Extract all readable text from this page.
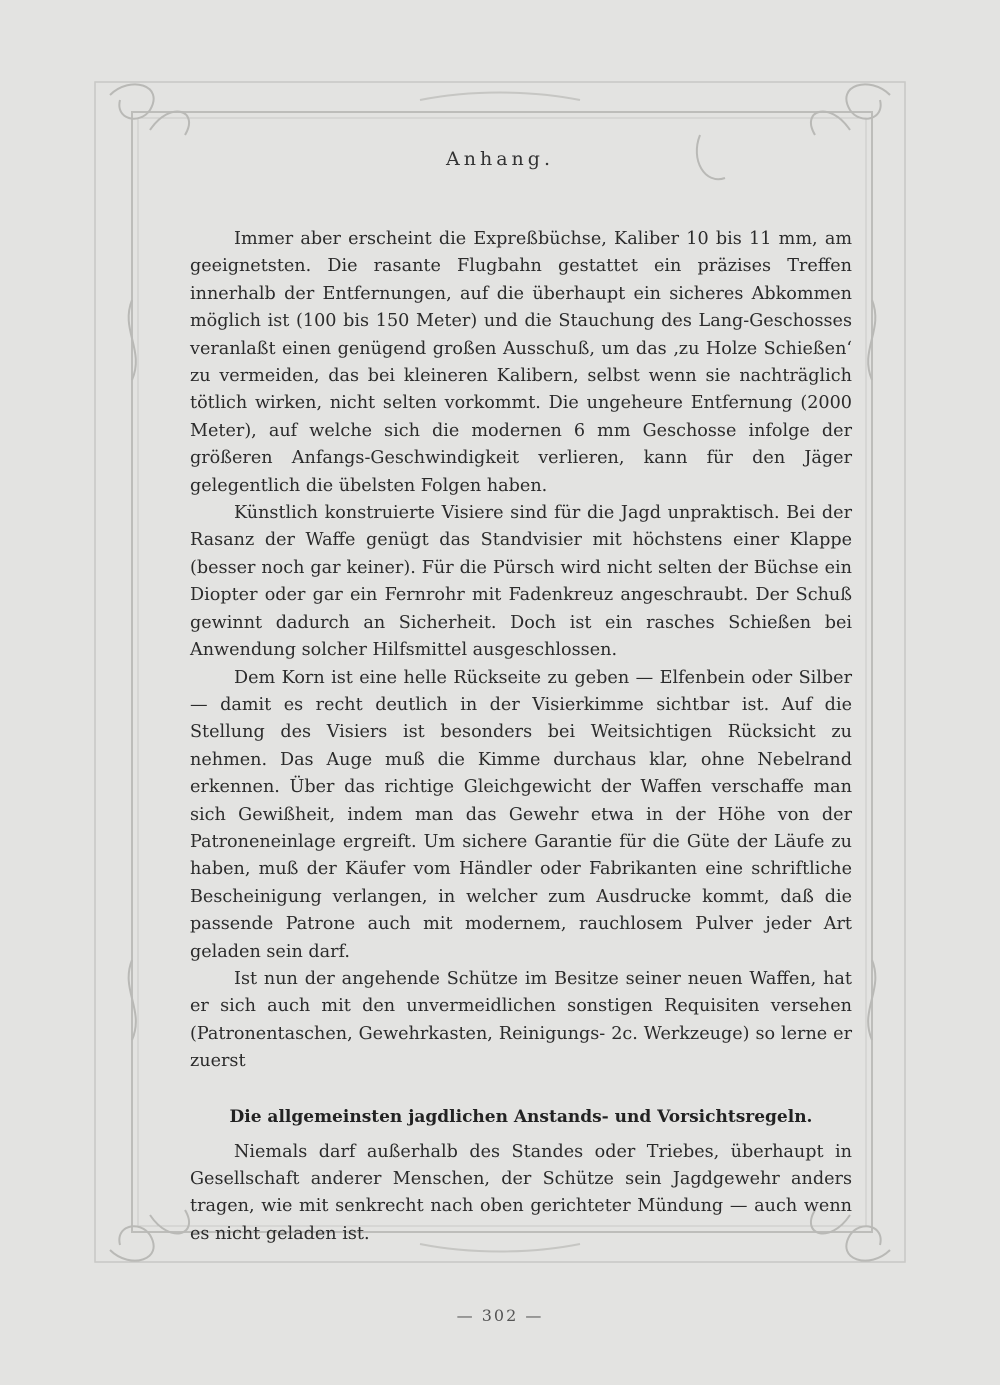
Anhang.

Immer aber erscheint die Expreßbüchse, Kaliber 10 bis 11 mm, am geeignetsten. Die rasante Flugbahn gestattet ein präzises Treffen innerhalb der Entfernungen, auf die überhaupt ein sicheres Abkommen möglich ist (100 bis 150 Meter) und die Stauchung des Lang-Geschosses veranlaßt einen genügend großen Ausschuß, um das ‚zu Holze Schießen‘ zu vermeiden, das bei kleineren Kalibern, selbst wenn sie nachträglich tötlich wirken, nicht selten vorkommt. Die ungeheure Entfernung (2000 Meter), auf welche sich die modernen 6 mm Geschosse infolge der größeren Anfangs-Geschwindigkeit verlieren, kann für den Jäger gelegentlich die übelsten Folgen haben.

Künstlich konstruierte Visiere sind für die Jagd unpraktisch. Bei der Rasanz der Waffe genügt das Standvisier mit höchstens einer Klappe (besser noch gar keiner). Für die Pürsch wird nicht selten der Büchse ein Diopter oder gar ein Fernrohr mit Fadenkreuz angeschraubt. Der Schuß gewinnt dadurch an Sicherheit. Doch ist ein rasches Schießen bei Anwendung solcher Hilfsmittel ausgeschlossen.

Dem Korn ist eine helle Rückseite zu geben — Elfenbein oder Silber — damit es recht deutlich in der Visierkimme sichtbar ist. Auf die Stellung des Visiers ist besonders bei Weitsichtigen Rücksicht zu nehmen. Das Auge muß die Kimme durchaus klar, ohne Nebelrand erkennen. Über das richtige Gleichgewicht der Waffen verschaffe man sich Gewißheit, indem man das Gewehr etwa in der Höhe von der Patroneneinlage ergreift. Um sichere Garantie für die Güte der Läufe zu haben, muß der Käufer vom Händler oder Fabrikanten eine schriftliche Bescheinigung verlangen, in welcher zum Ausdrucke kommt, daß die passende Patrone auch mit modernem, rauchlosem Pulver jeder Art geladen sein darf.

Ist nun der angehende Schütze im Besitze seiner neuen Waffen, hat er sich auch mit den unvermeidlichen sonstigen Requisiten versehen (Patronentaschen, Gewehrkasten, Reinigungs- 2c. Werkzeuge) so lerne er zuerst

Die allgemeinsten jagdlichen Anstands- und Vorsichtsregeln.

Niemals darf außerhalb des Standes oder Triebes, überhaupt in Gesellschaft anderer Menschen, der Schütze sein Jagdgewehr anders tragen, wie mit senkrecht nach oben gerichteter Mündung — auch wenn es nicht geladen ist.

— 302 —
